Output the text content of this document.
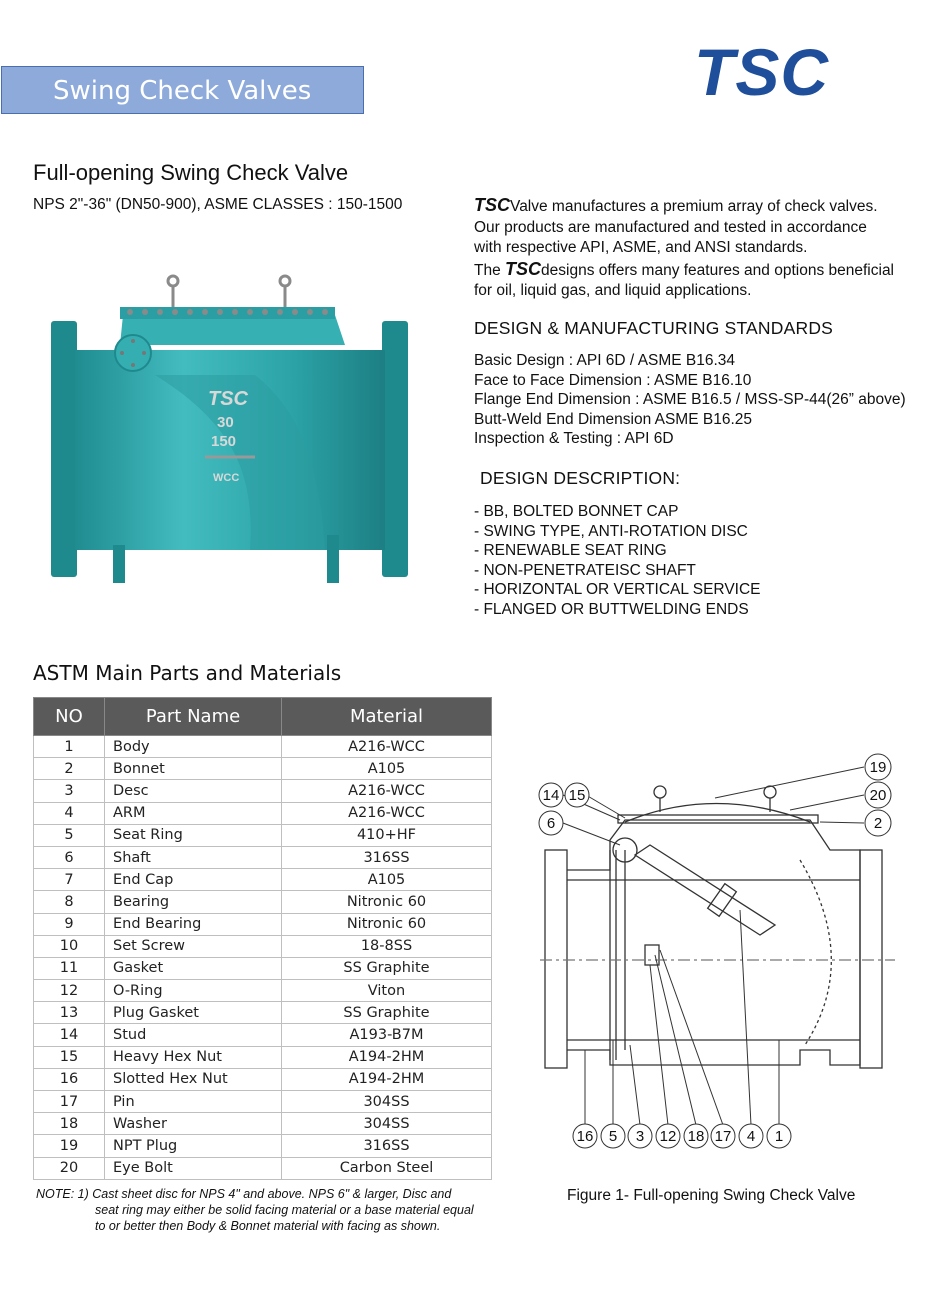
Swing Check Valves	TSC
Full-opening Swing Check Valve
NPS 2"-36" (DN50-900), ASME CLASSES : 150-1500	TSCValve manufactures a premium array of check valves.
Our products are manufactured and tested in accordance
with respective API, ASME, and ANSI standards.
The TSCdesigns offers many features and options beneficial
for oil, liquid gas, and liquid applications.
DESIGN & MANUFACTURING STANDARDS
Basic Design : API 6D / ASME B16.34
Face to Face Dimension : ASME B16.10
Flange End Dimension : ASME B16.5 / MSS-SP-44(26” above)
Butt-Weld End Dimension ASME B16.25
Inspection & Testing : API 6D
DESIGN DESCRIPTION:
- BB, BOLTED BONNET CAP
- SWING TYPE, ANTI-ROTATION DISC
- RENEWABLE SEAT RING
- NON-PENETRATEISC SHAFT
- HORIZONTAL OR VERTICAL SERVICE
- FLANGED OR BUTTWELDING ENDS
TSC
30
150
WCC
ASTM Main Parts and Materials
NO	Part Name	Material
1	Body	A216-WCC
2	Bonnet	A105
3	Desc	A216-WCC
4	ARM	A216-WCC
5	Seat Ring	410+HF
6	Shaft	316SS
7	End Cap	A105
8	Bearing	Nitronic 60
9	End Bearing	Nitronic 60
10	Set Screw	18-8SS
11	Gasket	SS Graphite
12	O-Ring	Viton
13	Plug Gasket	SS Graphite
14	Stud	A193-B7M
15	Heavy Hex Nut	A194-2HM
16	Slotted Hex Nut	A194-2HM
17	Pin	304SS
18	Washer	304SS
19	NPT Plug	316SS
20	Eye Bolt	Carbon Steel
NOTE: 1) Cast sheet disc for NPS 4" and above. NPS 6" & larger, Disc and
seat ring may either be solid facing material or a base material equal
to or better then Body & Bonnet material with facing as shown.
14 15
6
19
20
2
16 5 3 12 18 17 4 1
Figure 1- Full-opening Swing Check Valve
